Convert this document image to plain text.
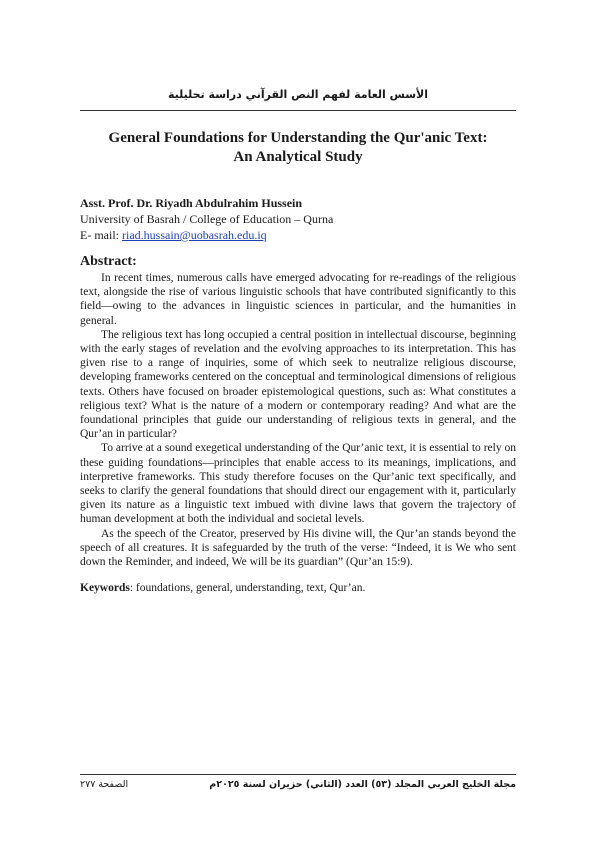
الأسس العامة لفهم النص القرآني دراسة تحليلية
General Foundations for Understanding the Qur'anic Text:
An Analytical Study
Asst. Prof. Dr. Riyadh Abdulrahim Hussein
University of Basrah / College of Education – Qurna
E- mail: riad.hussain@uobasrah.edu.iq
Abstract:

In recent times, numerous calls have emerged advocating for re-readings of the religious text, alongside the rise of various linguistic schools that have contributed significantly to this field—owing to the advances in linguistic sciences in particular, and the humanities in general.

The religious text has long occupied a central position in intellectual discourse, beginning with the early stages of revelation and the evolving approaches to its interpretation. This has given rise to a range of inquiries, some of which seek to neutralize religious discourse, developing frameworks centered on the conceptual and terminological dimensions of religious texts. Others have focused on broader epistemological questions, such as: What constitutes a religious text? What is the nature of a modern or contemporary reading? And what are the foundational principles that guide our understanding of religious texts in general, and the Qur’an in particular?

To arrive at a sound exegetical understanding of the Qur’anic text, it is essential to rely on these guiding foundations—principles that enable access to its meanings, implications, and interpretive frameworks. This study therefore focuses on the Qur’anic text specifically, and seeks to clarify the general foundations that should direct our engagement with it, particularly given its nature as a linguistic text imbued with divine laws that govern the trajectory of human development at both the individual and societal levels.

As the speech of the Creator, preserved by His divine will, the Qur’an stands beyond the speech of all creatures. It is safeguarded by the truth of the verse: “Indeed, it is We who sent down the Reminder, and indeed, We will be its guardian” (Qur’an 15:9).

Keywords: foundations, general, understanding, text, Qur’an.

مجلة الخليج العربي المجلد (٥٣) العدد (الثاني) حزيران لسنة ٢٠٢٥م
الصفحة ٢٧٧
